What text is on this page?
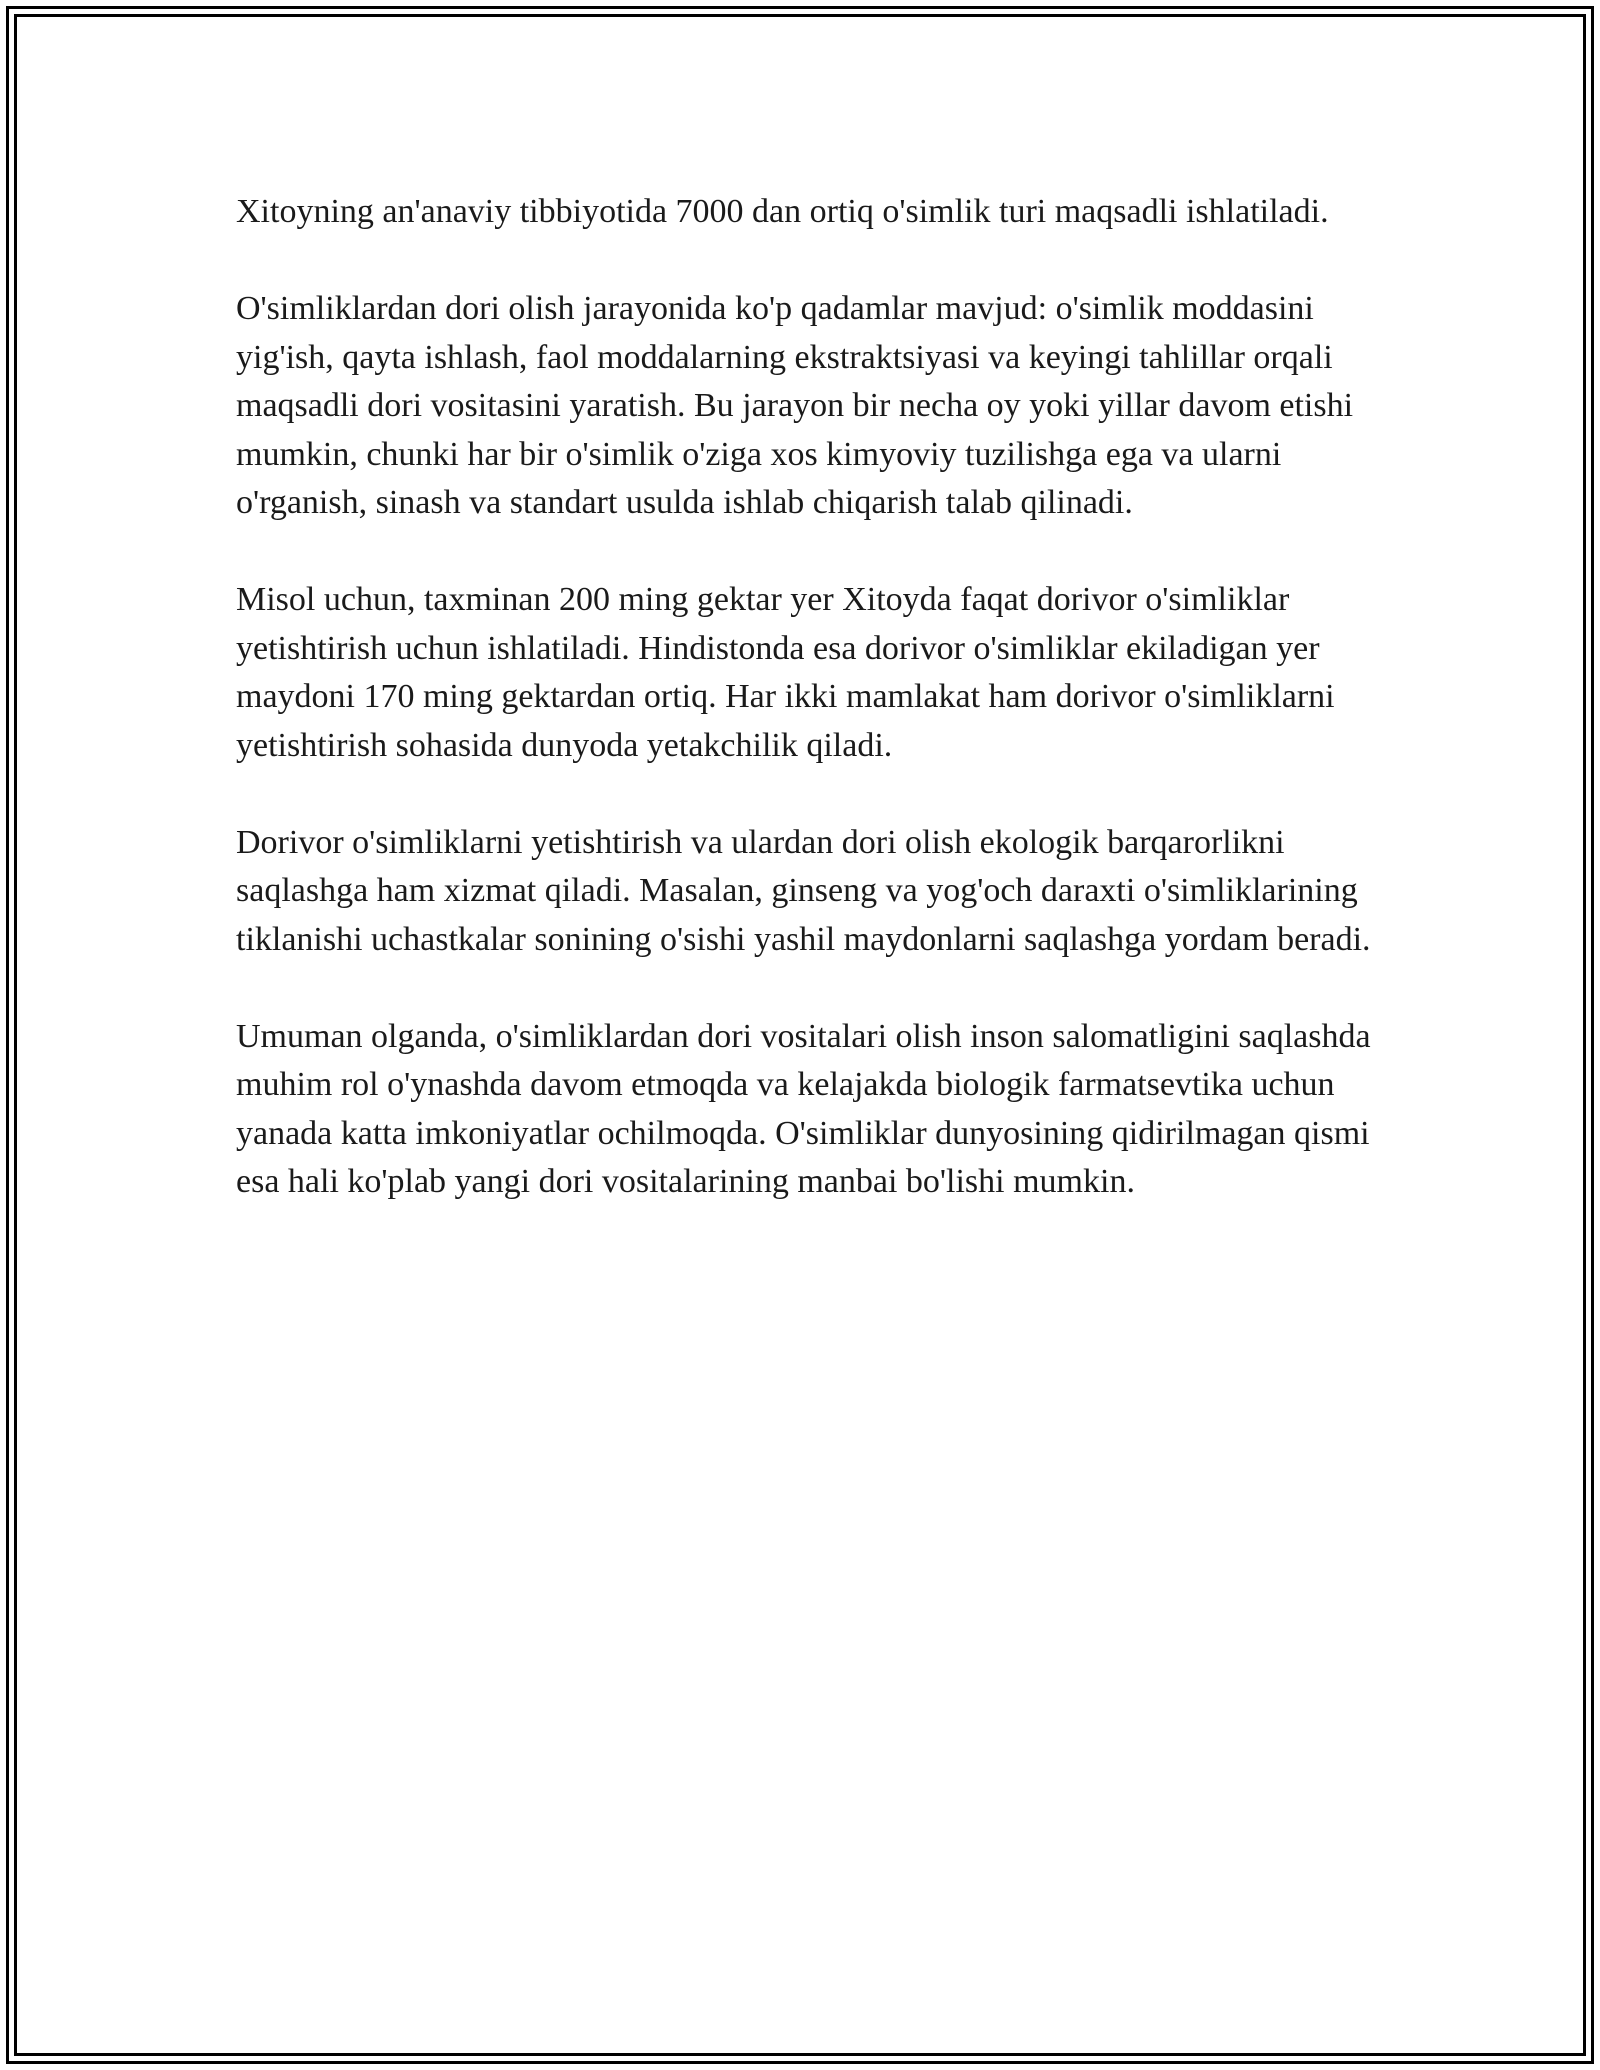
Xitoyning an'anaviy tibbiyotida 7000 dan ortiq o'simlik turi maqsadli ishlatiladi.

O'simliklardan dori olish jarayonida ko'p qadamlar mavjud: o'simlik moddasini yig'ish, qayta ishlash, faol moddalarning ekstraktsiyasi va keyingi tahlillar orqali maqsadli dori vositasini yaratish. Bu jarayon bir necha oy yoki yillar davom etishi mumkin, chunki har bir o'simlik o'ziga xos kimyoviy tuzilishga ega va ularni o'rganish, sinash va standart usulda ishlab chiqarish talab qilinadi.

Misol uchun, taxminan 200 ming gektar yer Xitoyda faqat dorivor o'simliklar yetishtirish uchun ishlatiladi. Hindistonda esa dorivor o'simliklar ekiladigan yer maydoni 170 ming gektardan ortiq. Har ikki mamlakat ham dorivor o'simliklarni yetishtirish sohasida dunyoda yetakchilik qiladi.

Dorivor o'simliklarni yetishtirish va ulardan dori olish ekologik barqarorlikni saqlashga ham xizmat qiladi. Masalan, ginseng va yog'och daraxti o'simliklarining tiklanishi uchastkalar sonining o'sishi yashil maydonlarni saqlashga yordam beradi.

Umuman olganda, o'simliklardan dori vositalari olish inson salomatligini saqlashda muhim rol o'ynashda davom etmoqda va kelajakda biologik farmatsevtika uchun yanada katta imkoniyatlar ochilmoqda. O'simliklar dunyosining qidirilmagan qismi esa hali ko'plab yangi dori vositalarining manbai bo'lishi mumkin.
